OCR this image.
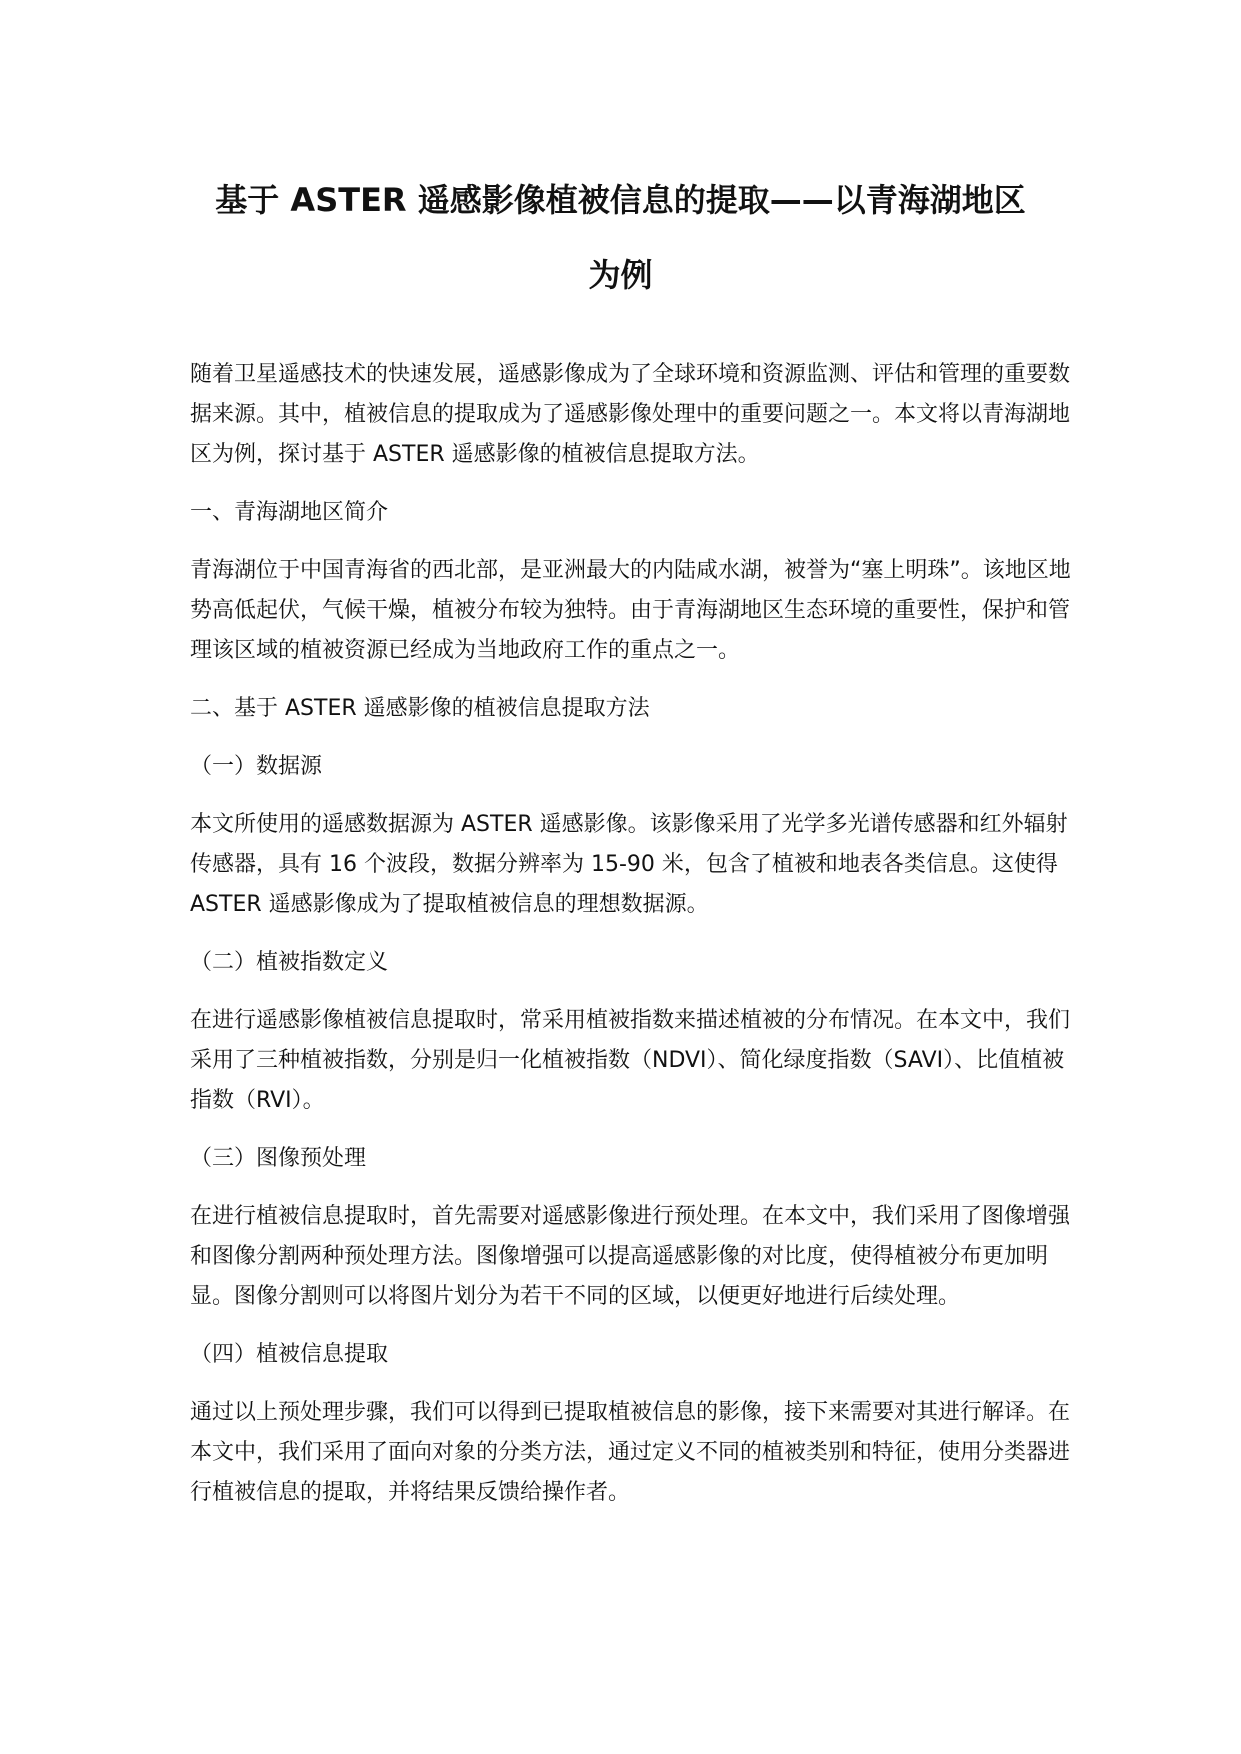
基于 ASTER 遥感影像植被信息的提取——以青海湖地区
为例

随着卫星遥感技术的快速发展，遥感影像成为了全球环境和资源监测、评估和管理的重要数据来源。其中，植被信息的提取成为了遥感影像处理中的重要问题之一。本文将以青海湖地区为例，探讨基于 ASTER 遥感影像的植被信息提取方法。

一、青海湖地区简介

青海湖位于中国青海省的西北部，是亚洲最大的内陆咸水湖，被誉为“塞上明珠”。该地区地势高低起伏，气候干燥，植被分布较为独特。由于青海湖地区生态环境的重要性，保护和管理该区域的植被资源已经成为当地政府工作的重点之一。

二、基于 ASTER 遥感影像的植被信息提取方法

（一）数据源

本文所使用的遥感数据源为 ASTER 遥感影像。该影像采用了光学多光谱传感器和红外辐射传感器，具有 16 个波段，数据分辨率为 15-90 米，包含了植被和地表各类信息。这使得 ASTER 遥感影像成为了提取植被信息的理想数据源。

（二）植被指数定义

在进行遥感影像植被信息提取时，常采用植被指数来描述植被的分布情况。在本文中，我们采用了三种植被指数，分别是归一化植被指数（NDVI）、简化绿度指数（SAVI）、比值植被指数（RVI）。

（三）图像预处理

在进行植被信息提取时，首先需要对遥感影像进行预处理。在本文中，我们采用了图像增强和图像分割两种预处理方法。图像增强可以提高遥感影像的对比度，使得植被分布更加明显。图像分割则可以将图片划分为若干不同的区域，以便更好地进行后续处理。

（四）植被信息提取

通过以上预处理步骤，我们可以得到已提取植被信息的影像，接下来需要对其进行解译。在本文中，我们采用了面向对象的分类方法，通过定义不同的植被类别和特征，使用分类器进行植被信息的提取，并将结果反馈给操作者。
